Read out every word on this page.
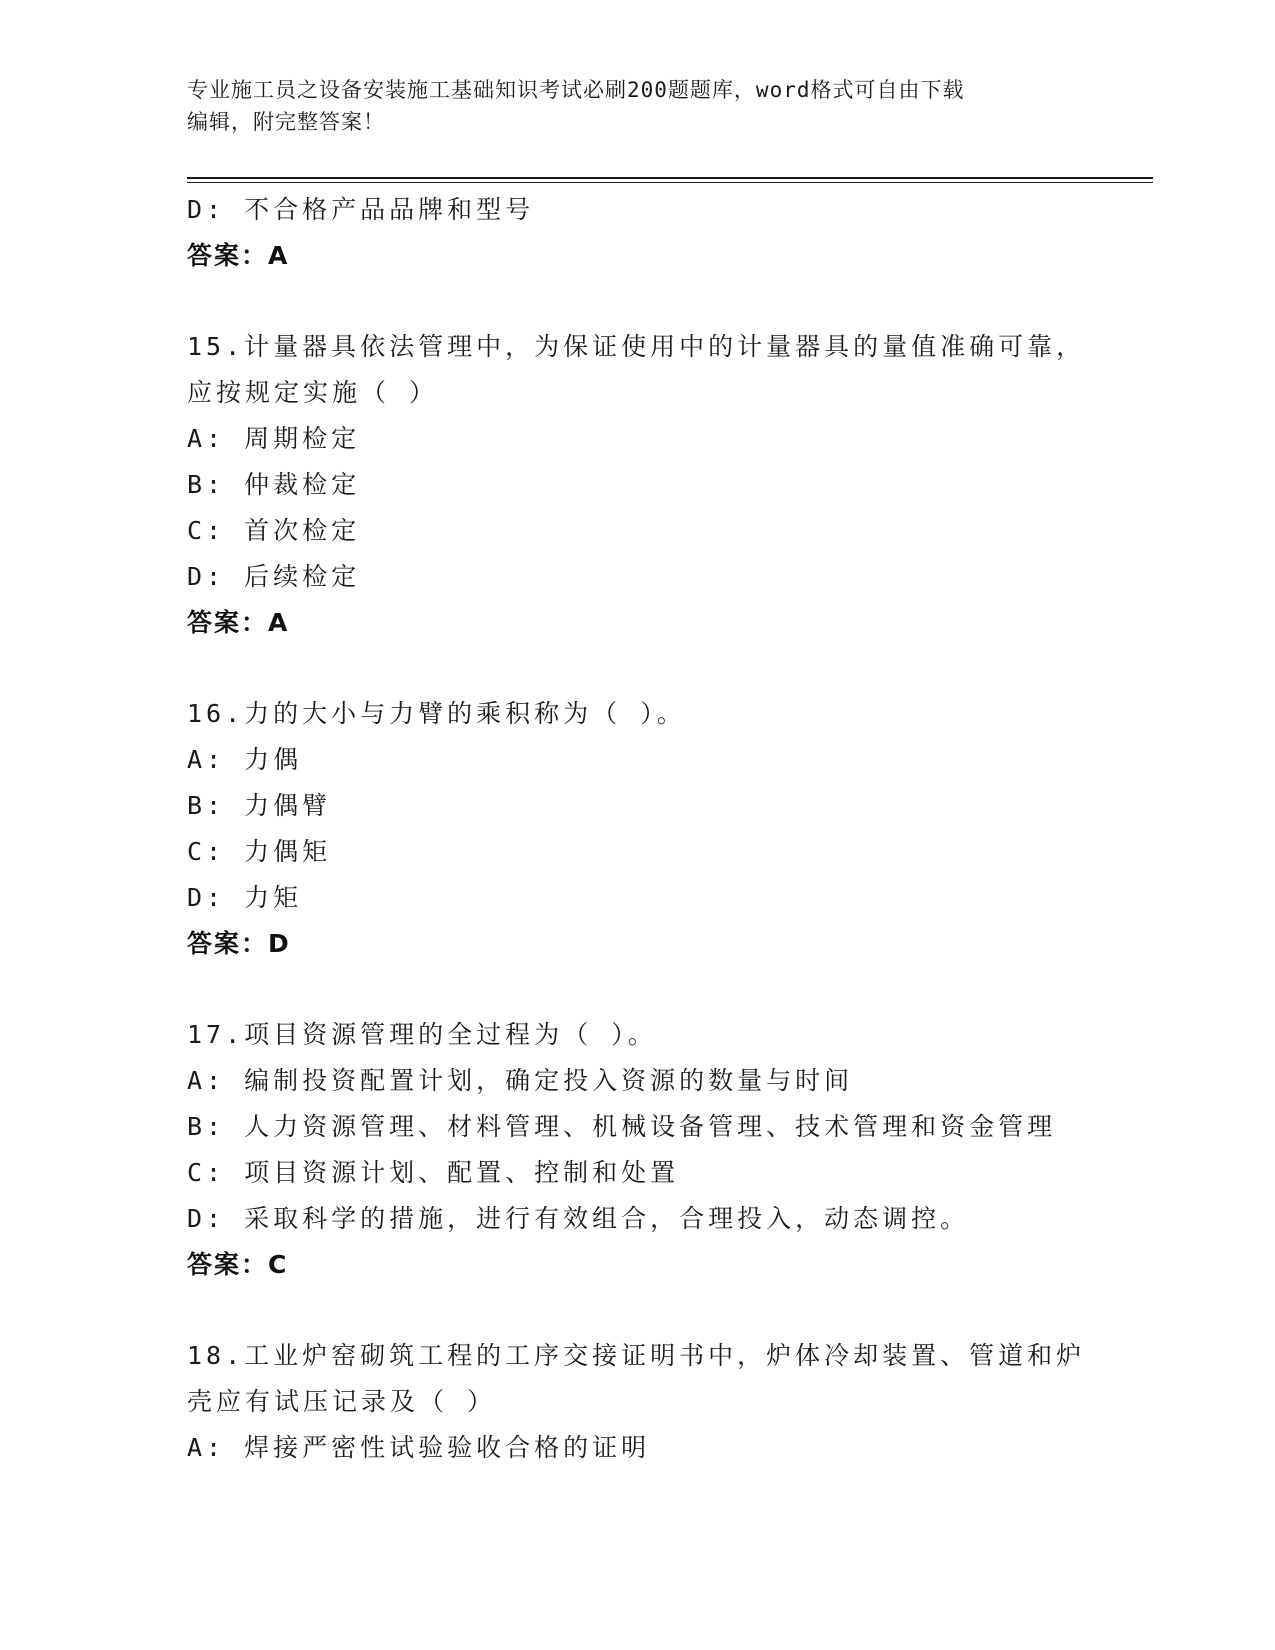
专业施工员之设备安装施工基础知识考试必刷200题题库，word格式可自由下载
编辑，附完整答案！
D: 不合格产品品牌和型号
答案：A
15.计量器具依法管理中，为保证使用中的计量器具的量值准确可靠，
应按规定实施（ ）
A: 周期检定
B: 仲裁检定
C: 首次检定
D: 后续检定
答案：A
16.力的大小与力臂的乘积称为（ ）。
A: 力偶
B: 力偶臂
C: 力偶矩
D: 力矩
答案：D
17.项目资源管理的全过程为（ ）。
A: 编制投资配置计划，确定投入资源的数量与时间
B: 人力资源管理、材料管理、机械设备管理、技术管理和资金管理
C: 项目资源计划、配置、控制和处置
D: 采取科学的措施，进行有效组合，合理投入，动态调控。
答案：C
18.工业炉窑砌筑工程的工序交接证明书中，炉体冷却装置、管道和炉
壳应有试压记录及（ ）
A: 焊接严密性试验验收合格的证明
